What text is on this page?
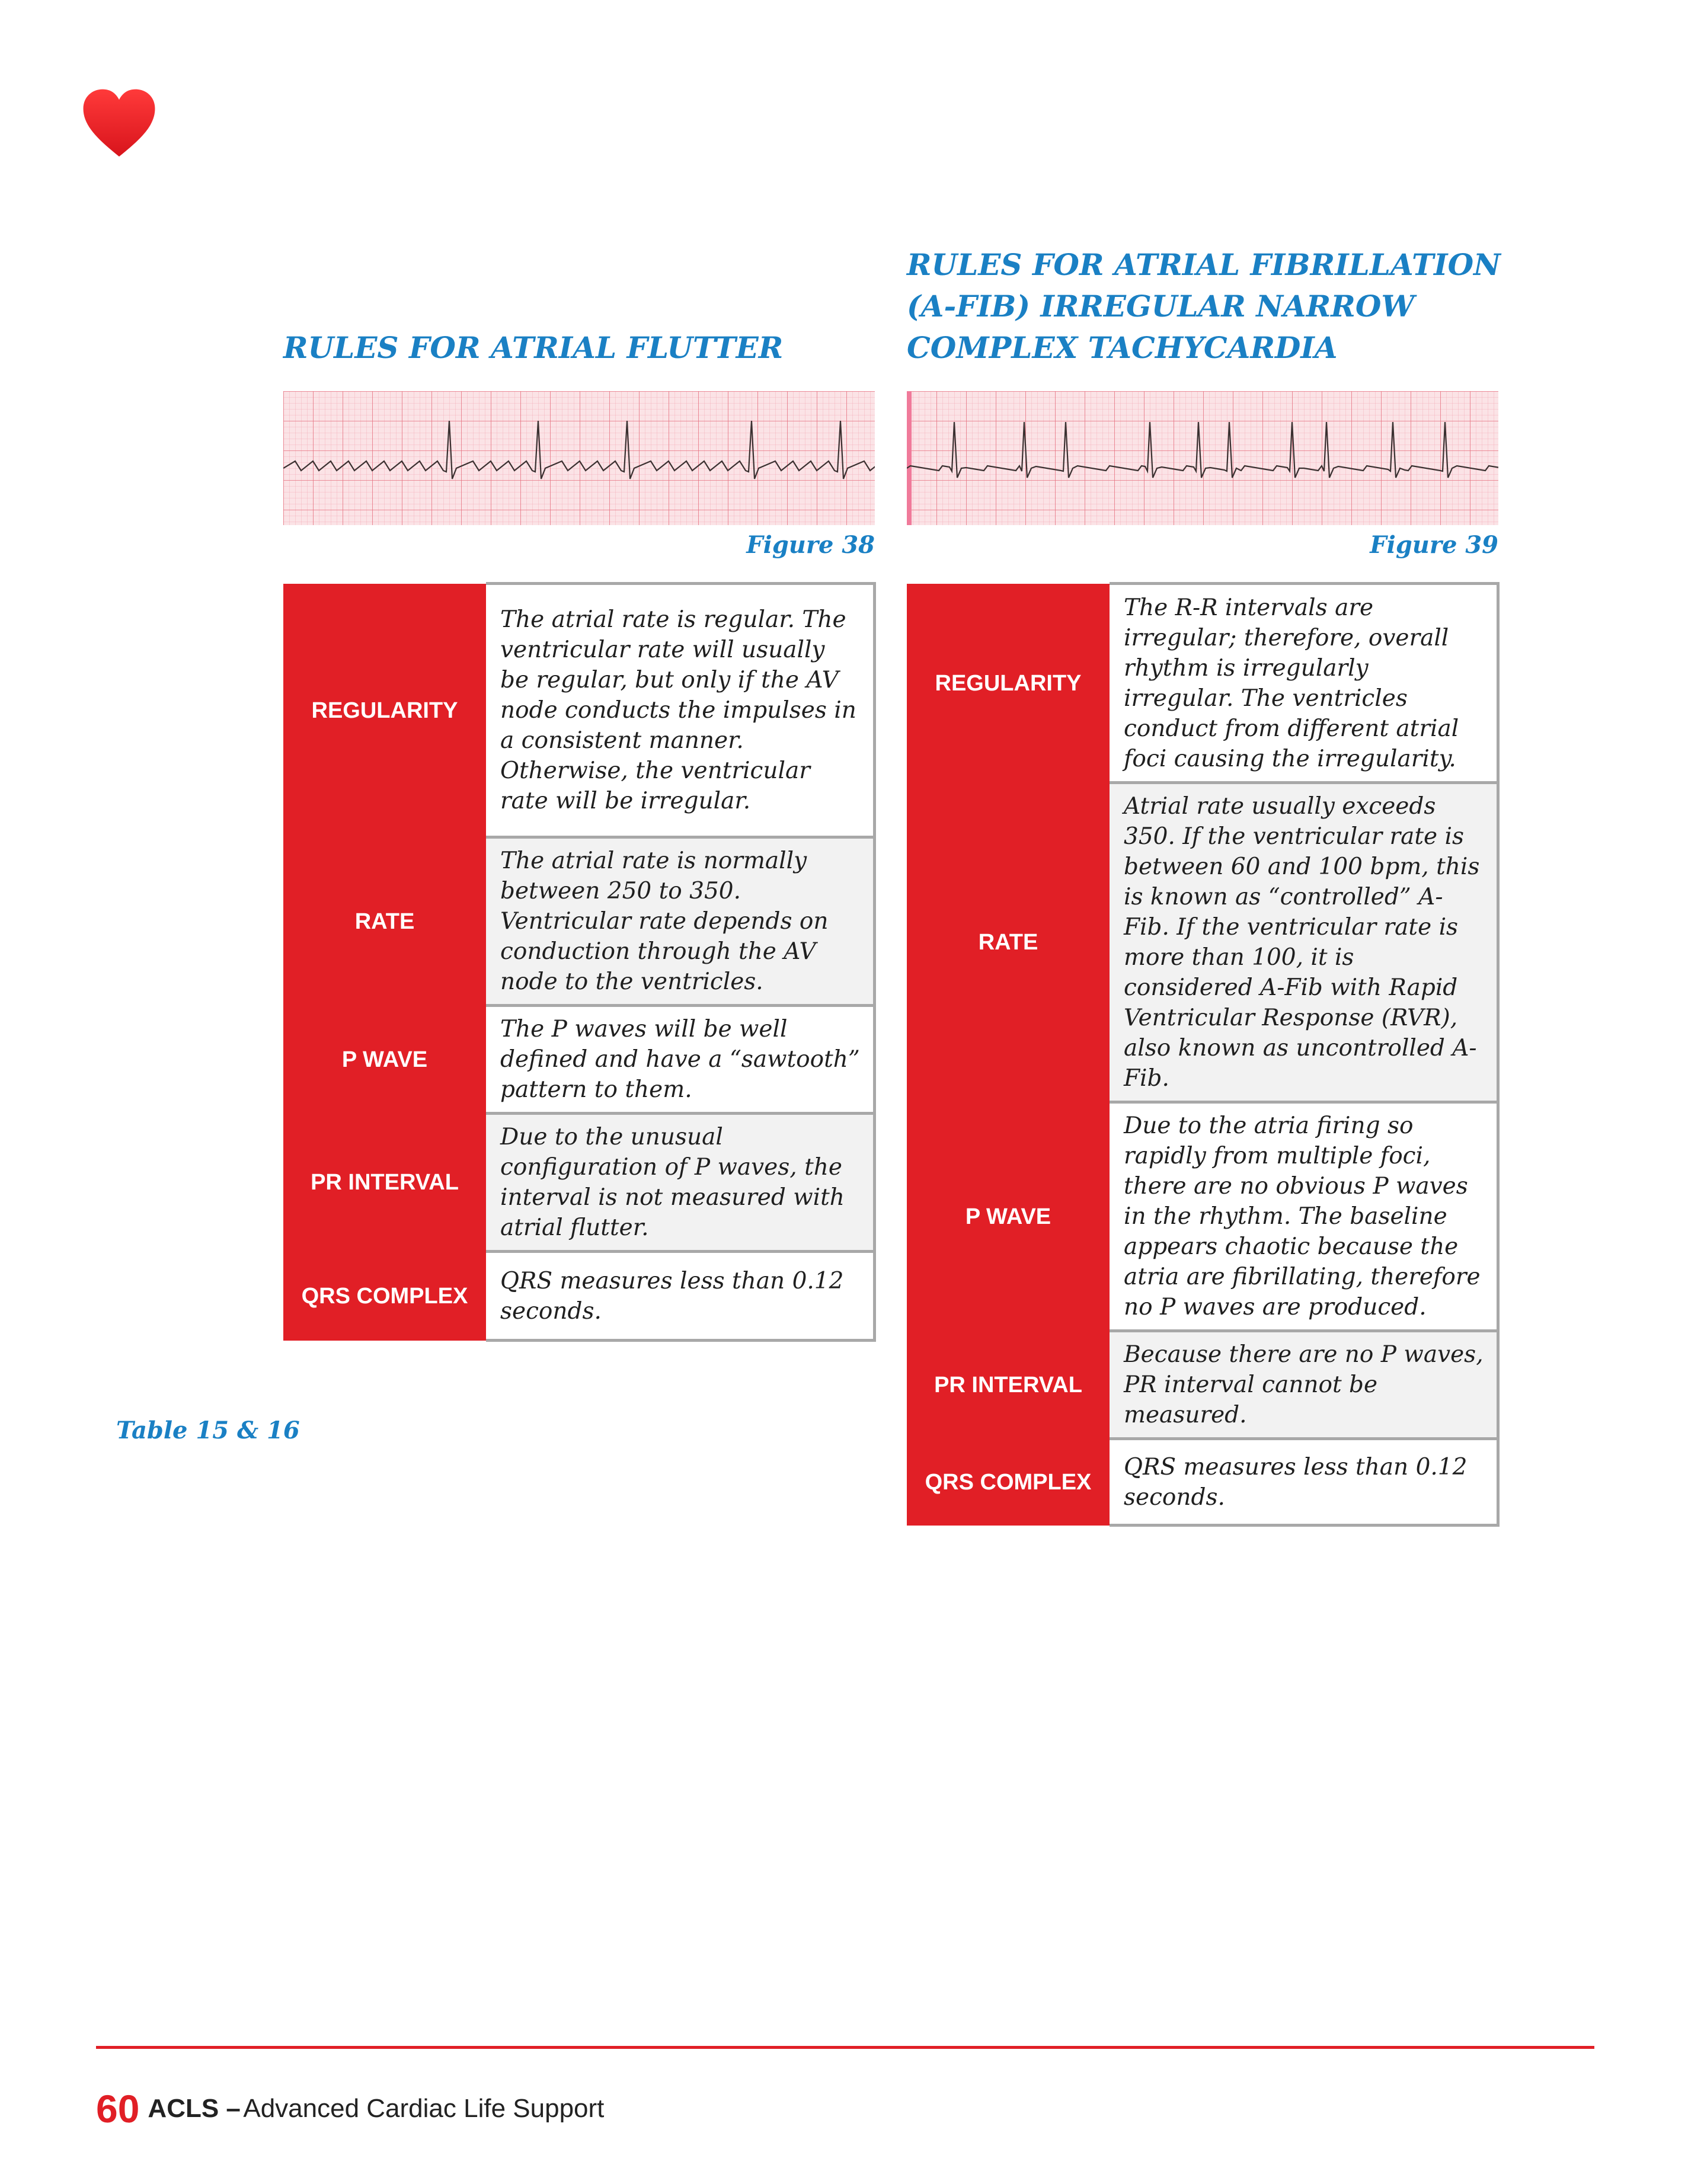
RULES FOR ATRIAL FLUTTER
RULES FOR ATRIAL FIBRILLATION (A-FIB) IRREGULAR NARROW COMPLEX TACHYCARDIA
Figure 38	Figure 39
REGULARITY	The atrial rate is regular. The ventricular rate will usually be regular, but only if the AV node conducts the impulses in a consistent manner. Otherwise, the ventricular rate will be irregular.
RATE	The atrial rate is normally between 250 to 350. Ventricular rate depends on conduction through the AV node to the ventricles.
P WAVE	The P waves will be well defined and have a “sawtooth” pattern to them.
PR INTERVAL	Due to the unusual configuration of P waves, the interval is not measured with atrial flutter.
QRS COMPLEX	QRS measures less than 0.12 seconds.
REGULARITY	The R-R intervals are irregular; therefore, overall rhythm is irregularly irregular. The ventricles conduct from different atrial foci causing the irregularity.
RATE	Atrial rate usually exceeds 350. If the ventricular rate is between 60 and 100 bpm, this is known as “controlled” A-Fib. If the ventricular rate is more than 100, it is considered A-Fib with Rapid Ventricular Response (RVR), also known as uncontrolled A-Fib.
P WAVE	Due to the atria firing so rapidly from multiple foci, there are no obvious P waves in the rhythm. The baseline appears chaotic because the atria are fibrillating, therefore no P waves are produced.
PR INTERVAL	Because there are no P waves, PR interval cannot be measured.
QRS COMPLEX	QRS measures less than 0.12 seconds.
Table 15 & 16
60 ACLS – Advanced Cardiac Life Support
